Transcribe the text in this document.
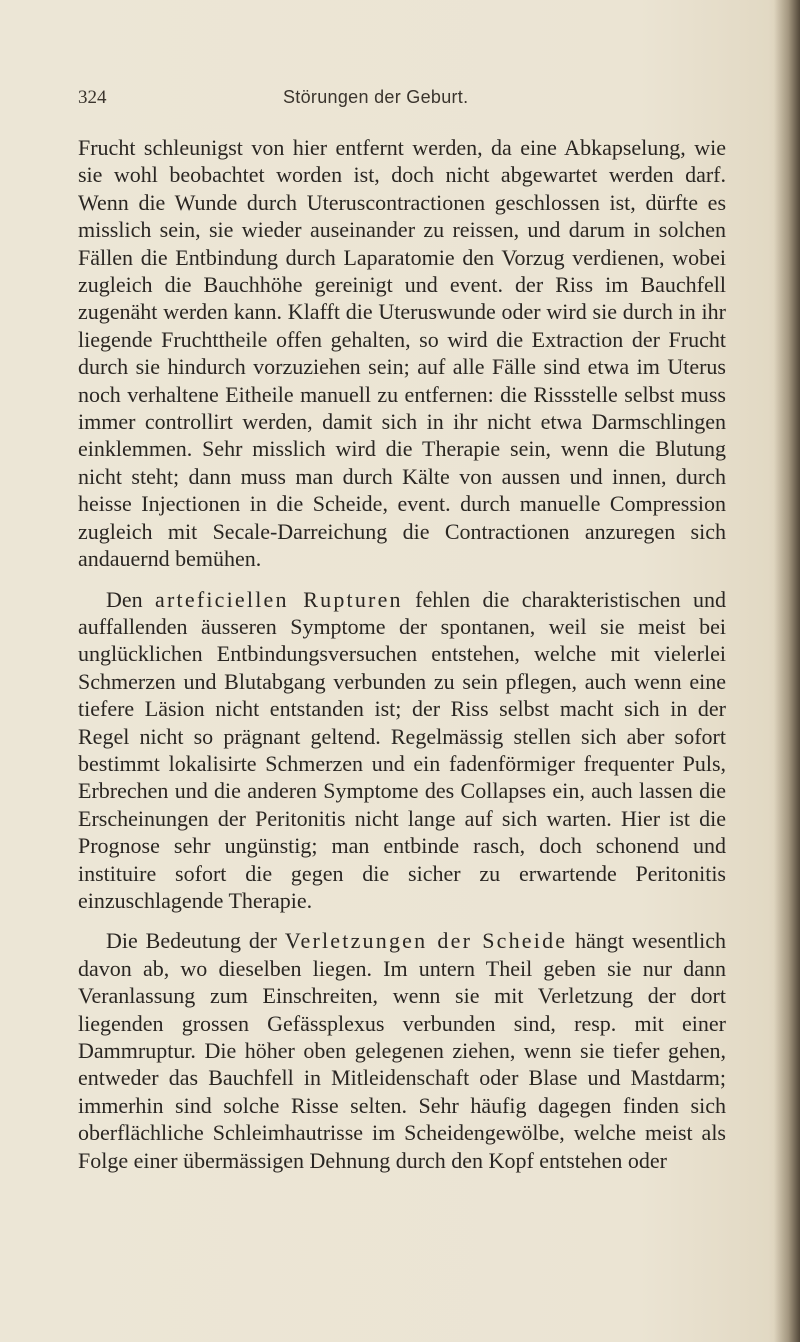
324	Störungen der Geburt.

Frucht schleunigst von hier entfernt werden, da eine Abkapselung, wie sie wohl beobachtet worden ist, doch nicht abgewartet werden darf. Wenn die Wunde durch Uteruscontractionen geschlossen ist, dürfte es misslich sein, sie wieder auseinander zu reissen, und darum in solchen Fällen die Entbindung durch Laparatomie den Vorzug verdienen, wobei zugleich die Bauchhöhe gereinigt und event. der Riss im Bauchfell zugenäht werden kann. Klafft die Uteruswunde oder wird sie durch in ihr liegende Fruchttheile offen gehalten, so wird die Extraction der Frucht durch sie hindurch vorzuziehen sein; auf alle Fälle sind etwa im Uterus noch verhaltene Eitheile manuell zu entfernen: die Rissstelle selbst muss immer controllirt werden, damit sich in ihr nicht etwa Darmschlingen einklemmen. Sehr misslich wird die Therapie sein, wenn die Blutung nicht steht; dann muss man durch Kälte von aussen und innen, durch heisse Injectionen in die Scheide, event. durch manuelle Compression zugleich mit Secale-Darreichung die Contractionen anzuregen sich andauernd bemühen.

Den arteficiellen Rupturen fehlen die charakteristischen und auffallenden äusseren Symptome der spontanen, weil sie meist bei unglücklichen Entbindungsversuchen entstehen, welche mit vielerlei Schmerzen und Blutabgang verbunden zu sein pflegen, auch wenn eine tiefere Läsion nicht entstanden ist; der Riss selbst macht sich in der Regel nicht so prägnant geltend. Regelmässig stellen sich aber sofort bestimmt lokalisirte Schmerzen und ein fadenförmiger frequenter Puls, Erbrechen und die anderen Symptome des Collapses ein, auch lassen die Erscheinungen der Peritonitis nicht lange auf sich warten. Hier ist die Prognose sehr ungünstig; man entbinde rasch, doch schonend und instituire sofort die gegen die sicher zu erwartende Peritonitis einzuschlagende Therapie.

Die Bedeutung der Verletzungen der Scheide hängt wesentlich davon ab, wo dieselben liegen. Im untern Theil geben sie nur dann Veranlassung zum Einschreiten, wenn sie mit Verletzung der dort liegenden grossen Gefässplexus verbunden sind, resp. mit einer Dammruptur. Die höher oben gelegenen ziehen, wenn sie tiefer gehen, entweder das Bauchfell in Mitleidenschaft oder Blase und Mastdarm; immerhin sind solche Risse selten. Sehr häufig dagegen finden sich oberflächliche Schleimhautrisse im Scheidengewölbe, welche meist als Folge einer übermässigen Dehnung durch den Kopf entstehen oder
